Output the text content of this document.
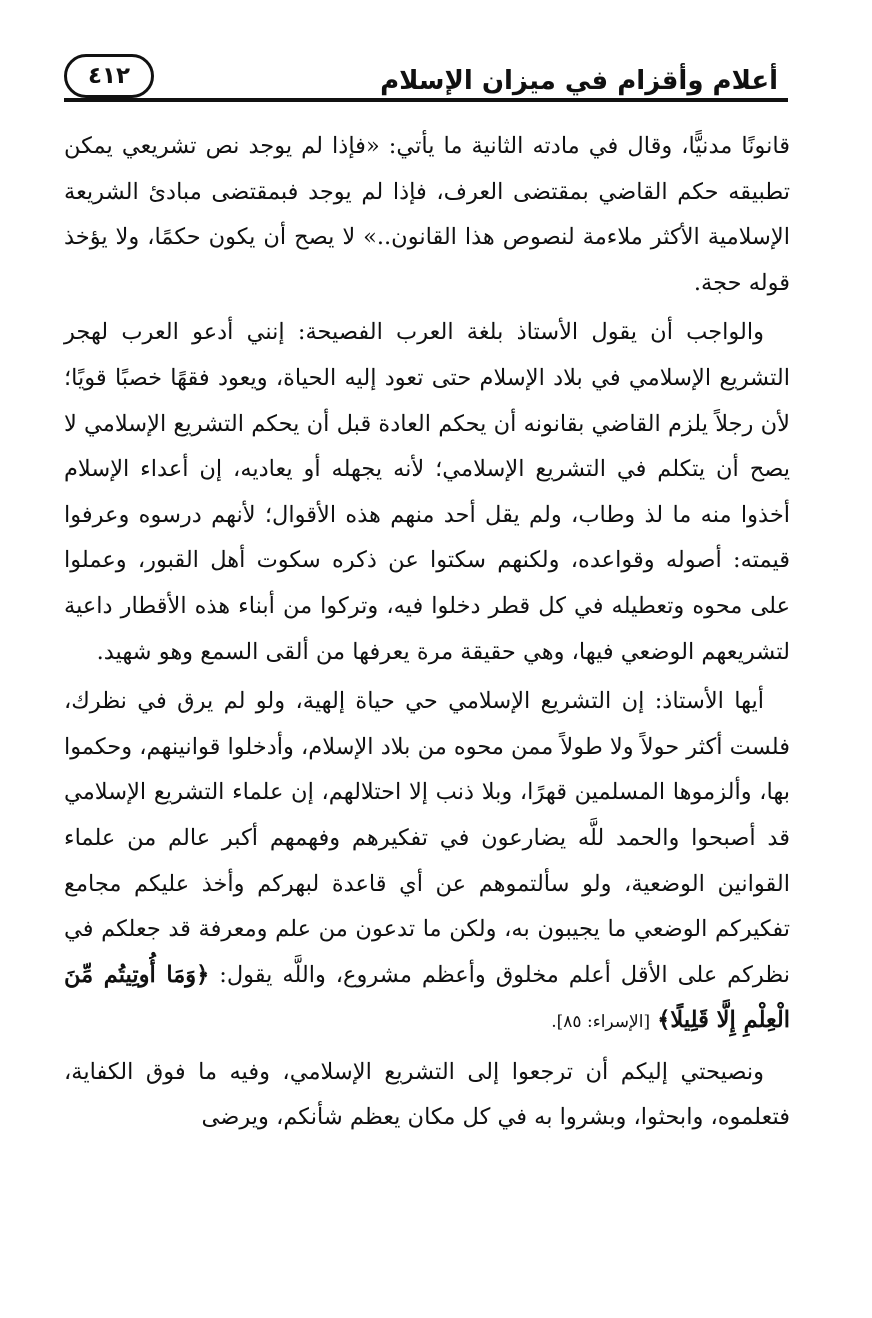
أعلام وأقزام في ميزان الإسلام
٤١٢

قانونًا مدنيًّا، وقال في مادته الثانية ما يأتي: «فإذا لم يوجد نص تشريعي يمكن تطبيقه حكم القاضي بمقتضى العرف، فإذا لم يوجد فبمقتضى مبادئ الشريعة الإسلامية الأكثر ملاءمة لنصوص هذا القانون..» لا يصح أن يكون حكمًا، ولا يؤخذ قوله حجة.

والواجب أن يقول الأستاذ بلغة العرب الفصيحة: إنني أدعو العرب لهجر التشريع الإسلامي في بلاد الإسلام حتى تعود إليه الحياة، ويعود فقهًا خصبًا قويًا؛ لأن رجلاً يلزم القاضي بقانونه أن يحكم العادة قبل أن يحكم التشريع الإسلامي لا يصح أن يتكلم في التشريع الإسلامي؛ لأنه يجهله أو يعاديه، إن أعداء الإسلام أخذوا منه ما لذ وطاب، ولم يقل أحد منهم هذه الأقوال؛ لأنهم درسوه وعرفوا قيمته: أصوله وقواعده، ولكنهم سكتوا عن ذكره سكوت أهل القبور، وعملوا على محوه وتعطيله في كل قطر دخلوا فيه، وتركوا من أبناء هذه الأقطار داعية لتشريعهم الوضعي فيها، وهي حقيقة مرة يعرفها من ألقى السمع وهو شهيد.

أيها الأستاذ: إن التشريع الإسلامي حي حياة إلهية، ولو لم يرق في نظرك، فلست أكثر حولاً ولا طولاً ممن محوه من بلاد الإسلام، وأدخلوا قوانينهم، وحكموا بها، وألزموها المسلمين قهرًا، وبلا ذنب إلا احتلالهم، إن علماء التشريع الإسلامي قد أصبحوا والحمد للَّه يضارعون في تفكيرهم وفهمهم أكبر عالم من علماء القوانين الوضعية، ولو سألتموهم عن أي قاعدة لبهركم وأخذ عليكم مجامع تفكيركم الوضعي ما يجيبون به، ولكن ما تدعون من علم ومعرفة قد جعلكم في نظركم على الأقل أعلم مخلوق وأعظم مشروع، واللَّه يقول: ﴿وَمَا أُوتِيتُم مِّنَ الْعِلْمِ إِلَّا قَلِيلًا﴾ [الإسراء: ٨٥].

ونصيحتي إليكم أن ترجعوا إلى التشريع الإسلامي، وفيه ما فوق الكفاية، فتعلموه، وابحثوا، وبشروا به في كل مكان يعظم شأنكم، ويرضى
